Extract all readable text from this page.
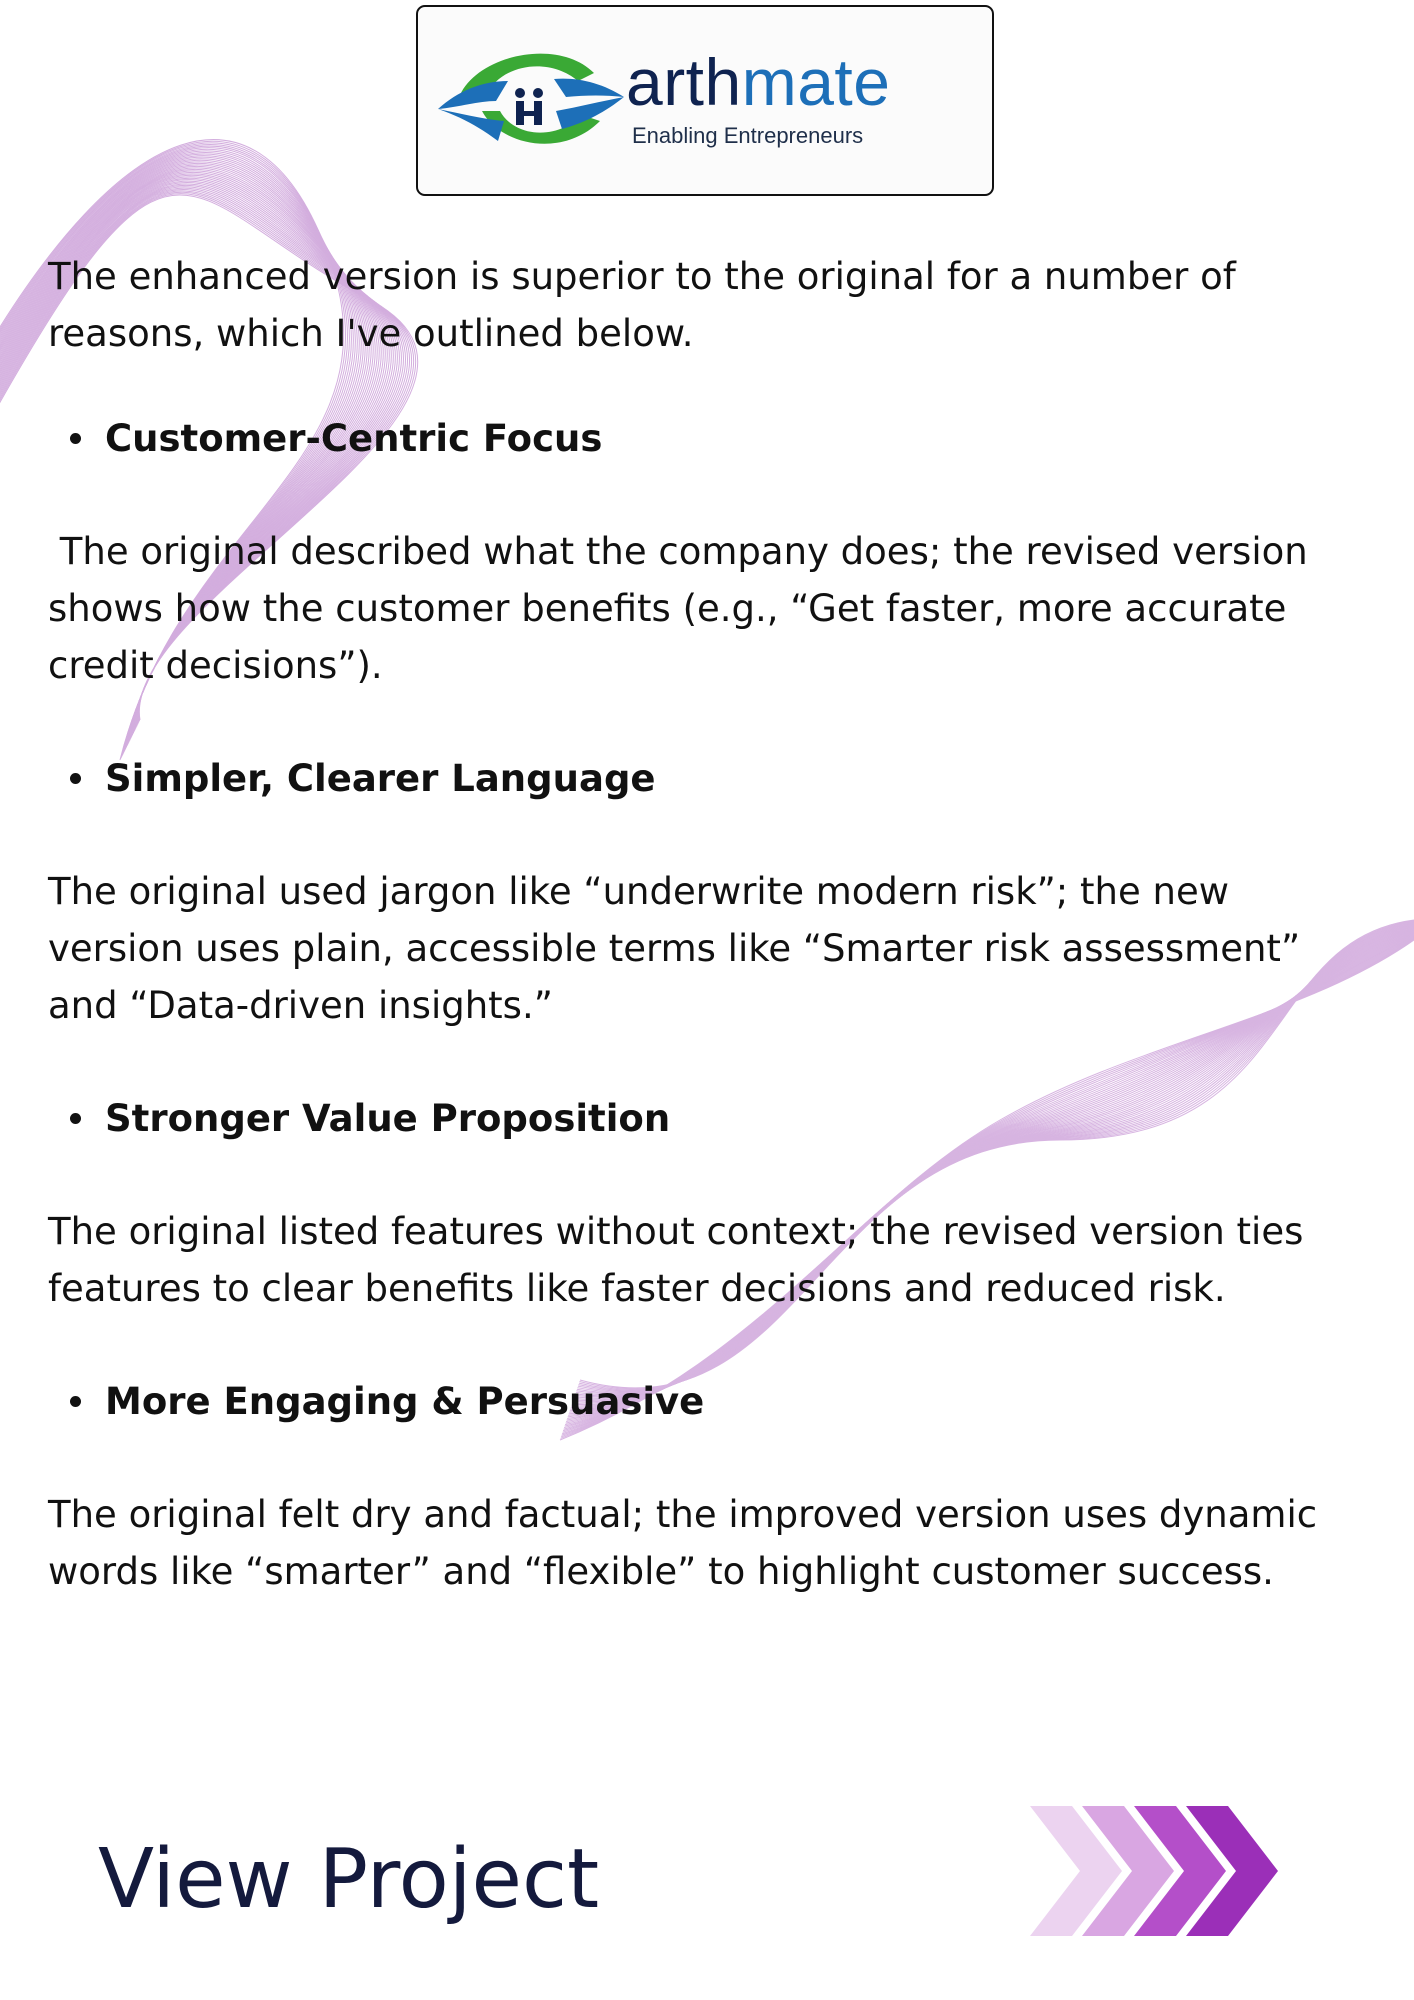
arthmate
Enabling Entrepreneurs

The enhanced version is superior to the original for a number of reasons, which I've outlined below.

Customer-Centric Focus

The original described what the company does; the revised version shows how the customer benefits (e.g., “Get faster, more accurate credit decisions”).

Simpler, Clearer Language

The original used jargon like “underwrite modern risk”; the new version uses plain, accessible terms like “Smarter risk assessment” and “Data-driven insights.”

Stronger Value Proposition

The original listed features without context; the revised version ties features to clear benefits like faster decisions and reduced risk.

More Engaging & Persuasive

The original felt dry and factual; the improved version uses dynamic words like “smarter” and “flexible” to highlight customer success.

View Project
